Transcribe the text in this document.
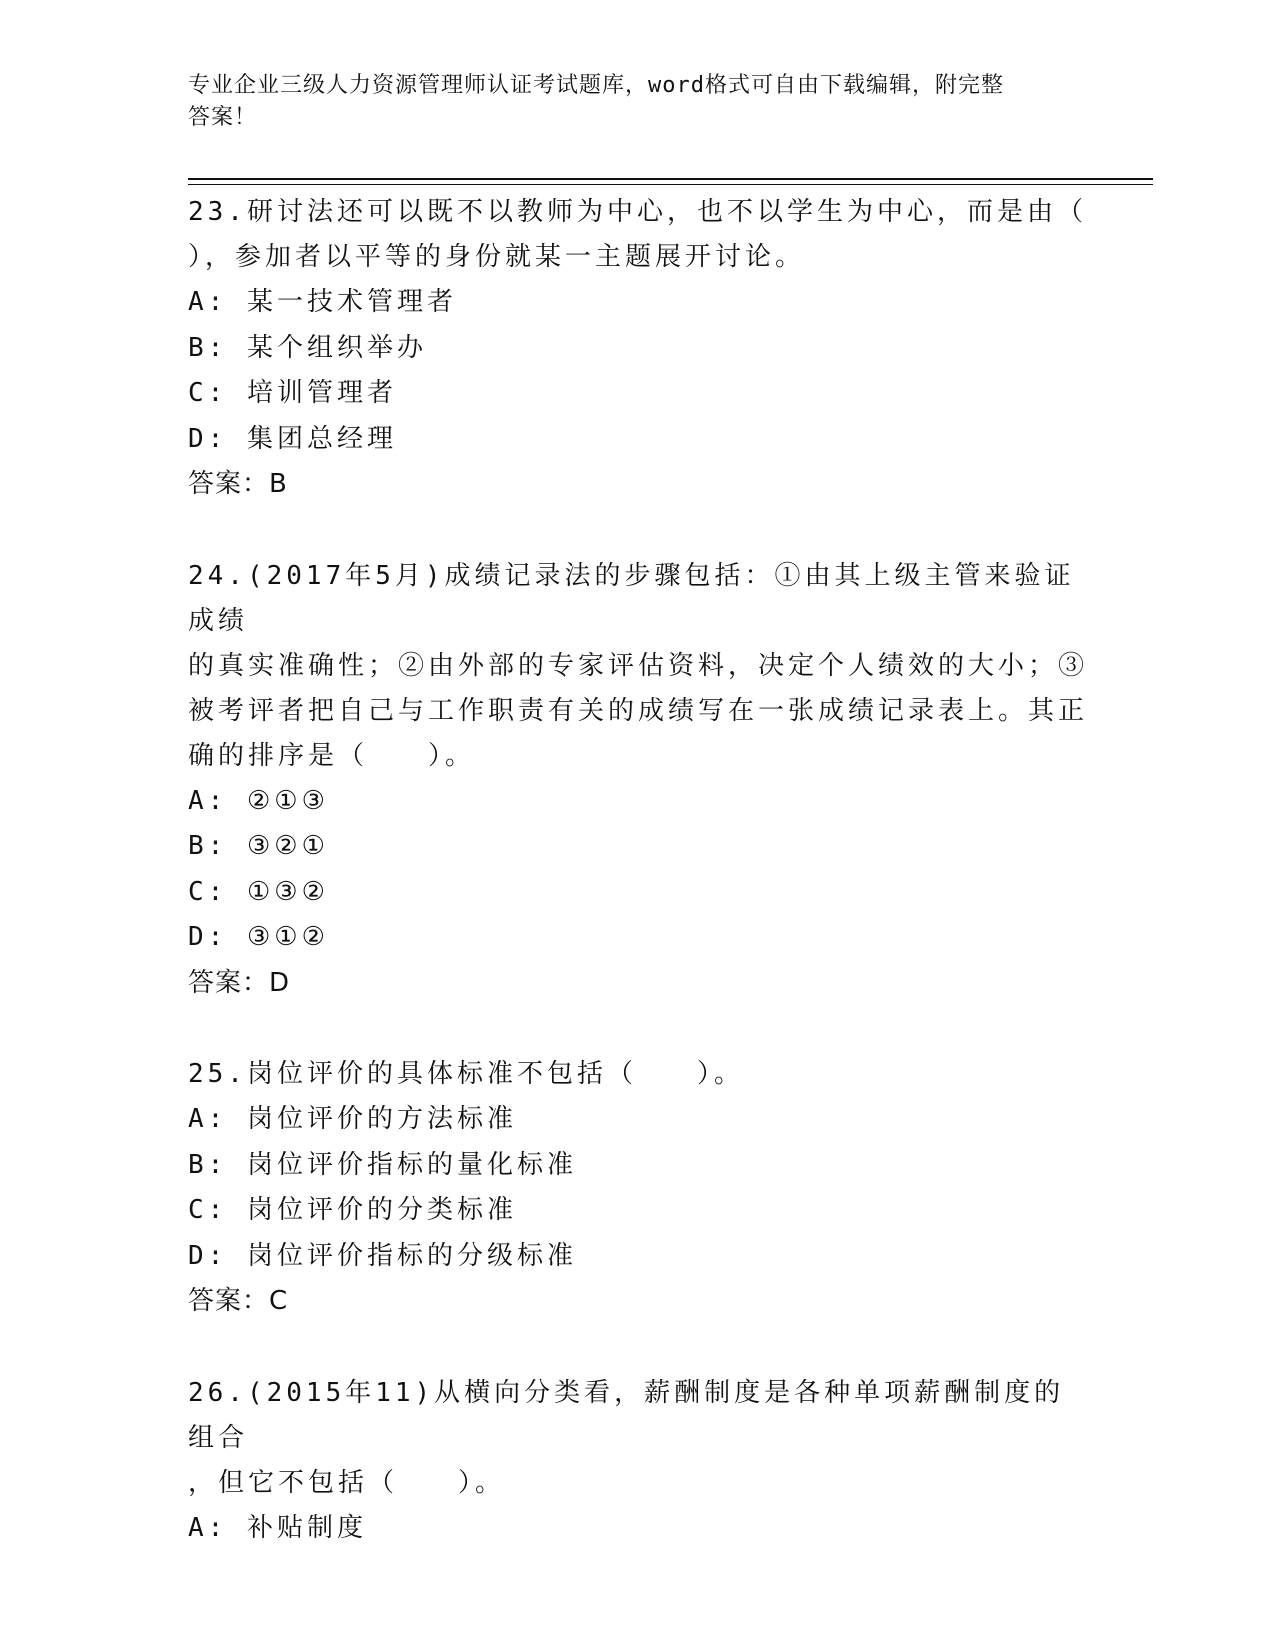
专业企业三级人力资源管理师认证考试题库，word格式可自由下载编辑，附完整
答案！

23.研讨法还可以既不以教师为中心，也不以学生为中心，而是由（

），参加者以平等的身份就某一主题展开讨论。

A: 某一技术管理者

B: 某个组织举办

C: 培训管理者

D: 集团总经理

答案：B

24.(2017年5月)成绩记录法的步骤包括：①由其上级主管来验证成绩

的真实准确性；②由外部的专家评估资料，决定个人绩效的大小；③

被考评者把自己与工作职责有关的成绩写在一张成绩记录表上。其正

确的排序是（　　）。

A: ②①③

B: ③②①

C: ①③②

D: ③①②

答案：D

25.岗位评价的具体标准不包括（　　）。

A: 岗位评价的方法标准

B: 岗位评价指标的量化标准

C: 岗位评价的分类标准

D: 岗位评价指标的分级标准

答案：C

26.(2015年11)从横向分类看，薪酬制度是各种单项薪酬制度的组合

，但它不包括（　　）。

A: 补贴制度
